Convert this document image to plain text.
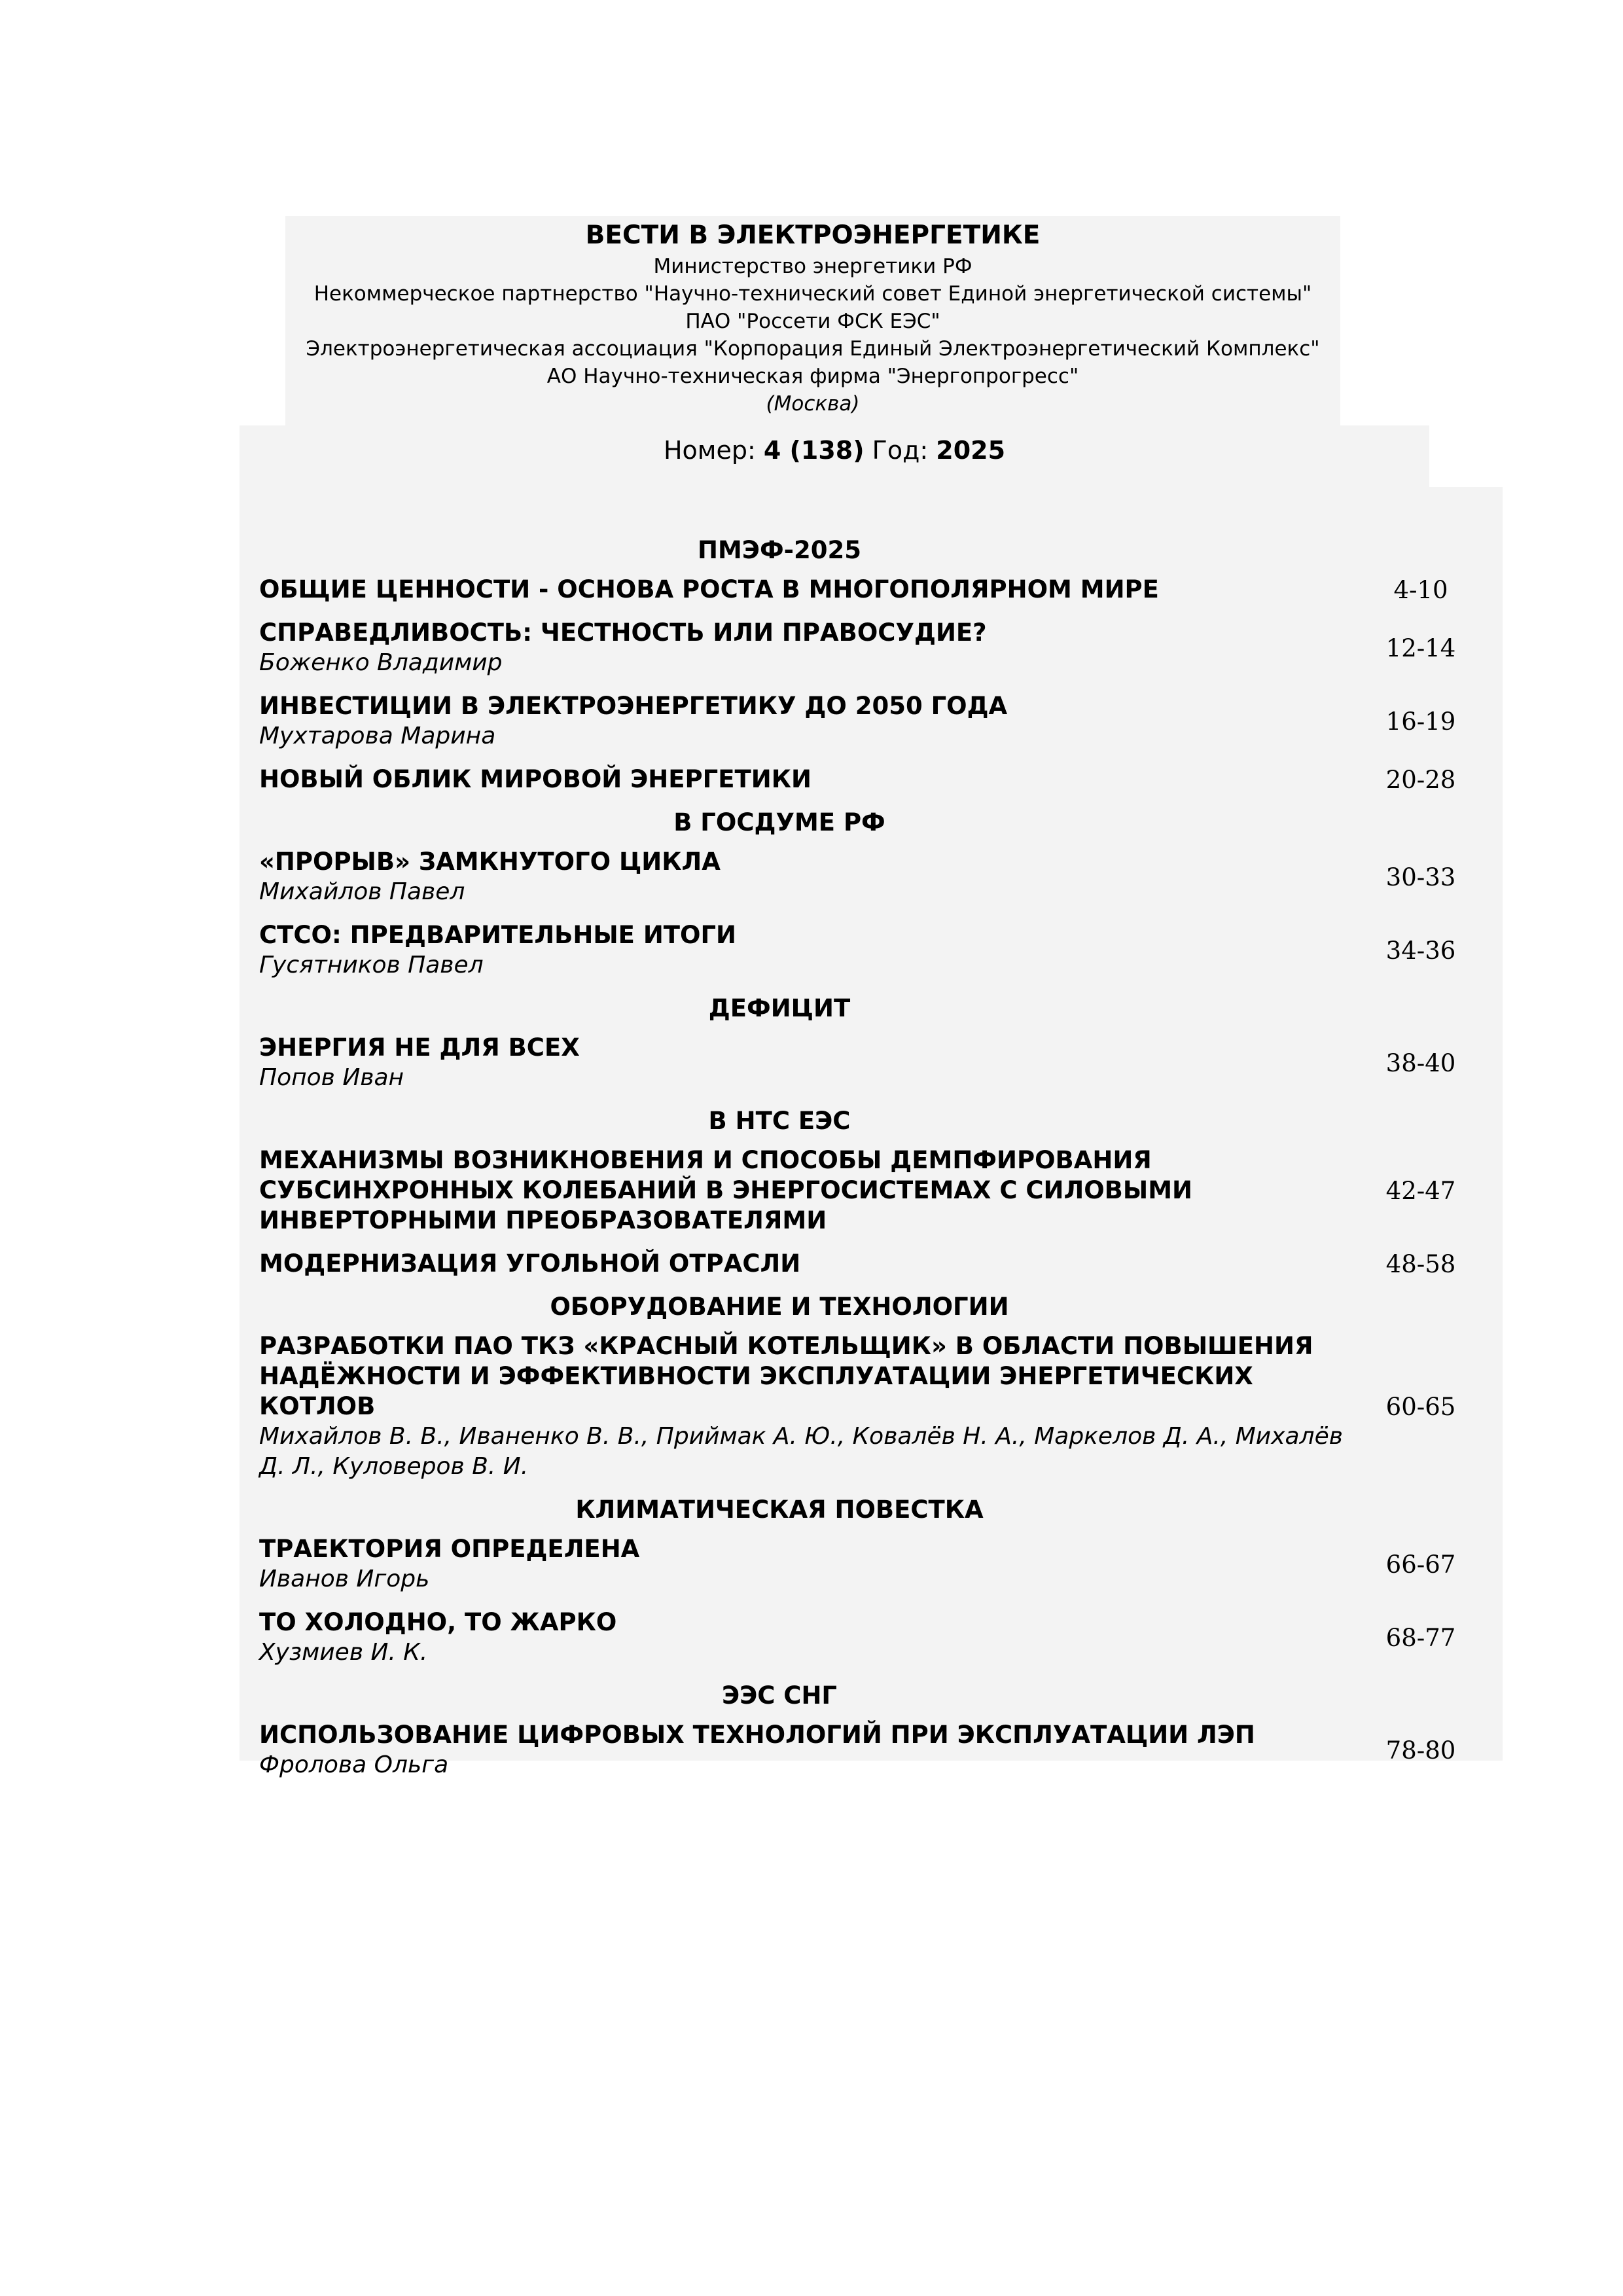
ВЕСТИ В ЭЛЕКТРОЭНЕРГЕТИКЕ
Министерство энергетики РФ
Некоммерческое партнерство "Научно-технический совет Единой энергетической системы"
ПАО "Россети ФСК ЕЭС"
Электроэнергетическая ассоциация "Корпорация Единый Электроэнергетический Комплекс"
АО Научно-техническая фирма "Энергопрогресс"
(Москва)
Номер: 4 (138) Год: 2025
ПМЭФ-2025
ОБЩИЕ ЦЕННОСТИ - ОСНОВА РОСТА В МНОГОПОЛЯРНОМ МИРЕ	4-10
СПРАВЕДЛИВОСТЬ: ЧЕСТНОСТЬ ИЛИ ПРАВОСУДИЕ?
Боженко Владимир
12-14
ИНВЕСТИЦИИ В ЭЛЕКТРОЭНЕРГЕТИКУ ДО 2050 ГОДА
Мухтарова Марина
16-19
НОВЫЙ ОБЛИК МИРОВОЙ ЭНЕРГЕТИКИ	20-28
В ГОСДУМЕ РФ
«ПРОРЫВ» ЗАМКНУТОГО ЦИКЛА
Михайлов Павел
30-33
СТСО: ПРЕДВАРИТЕЛЬНЫЕ ИТОГИ
Гусятников Павел
34-36
ДЕФИЦИТ
ЭНЕРГИЯ НЕ ДЛЯ ВСЕХ
Попов Иван
38-40
В НТС ЕЭС
МЕХАНИЗМЫ ВОЗНИКНОВЕНИЯ И СПОСОБЫ ДЕМПФИРОВАНИЯ СУБСИНХРОННЫХ КОЛЕБАНИЙ В ЭНЕРГОСИСТЕМАХ С СИЛОВЫМИ ИНВЕРТОРНЫМИ ПРЕОБРАЗОВАТЕЛЯМИ
42-47
МОДЕРНИЗАЦИЯ УГОЛЬНОЙ ОТРАСЛИ	48-58
ОБОРУДОВАНИЕ И ТЕХНОЛОГИИ
РАЗРАБОТКИ ПАО ТКЗ «КРАСНЫЙ КОТЕЛЬЩИК» В ОБЛАСТИ ПОВЫШЕНИЯ НАДЁЖНОСТИ И ЭФФЕКТИВНОСТИ ЭКСПЛУАТАЦИИ ЭНЕРГЕТИЧЕСКИХ КОТЛОВ
Михайлов В. В., Иваненко В. В., Приймак А. Ю., Ковалёв Н. А., Маркелов Д. А., Михалёв Д. Л., Куловеров В. И.
60-65
КЛИМАТИЧЕСКАЯ ПОВЕСТКА
ТРАЕКТОРИЯ ОПРЕДЕЛЕНА
Иванов Игорь
66-67
ТО ХОЛОДНО, ТО ЖАРКО
Хузмиев И. К.
68-77
ЭЭС СНГ
ИСПОЛЬЗОВАНИЕ ЦИФРОВЫХ ТЕХНОЛОГИЙ ПРИ ЭКСПЛУАТАЦИИ ЛЭП
Фролова Ольга
78-80
